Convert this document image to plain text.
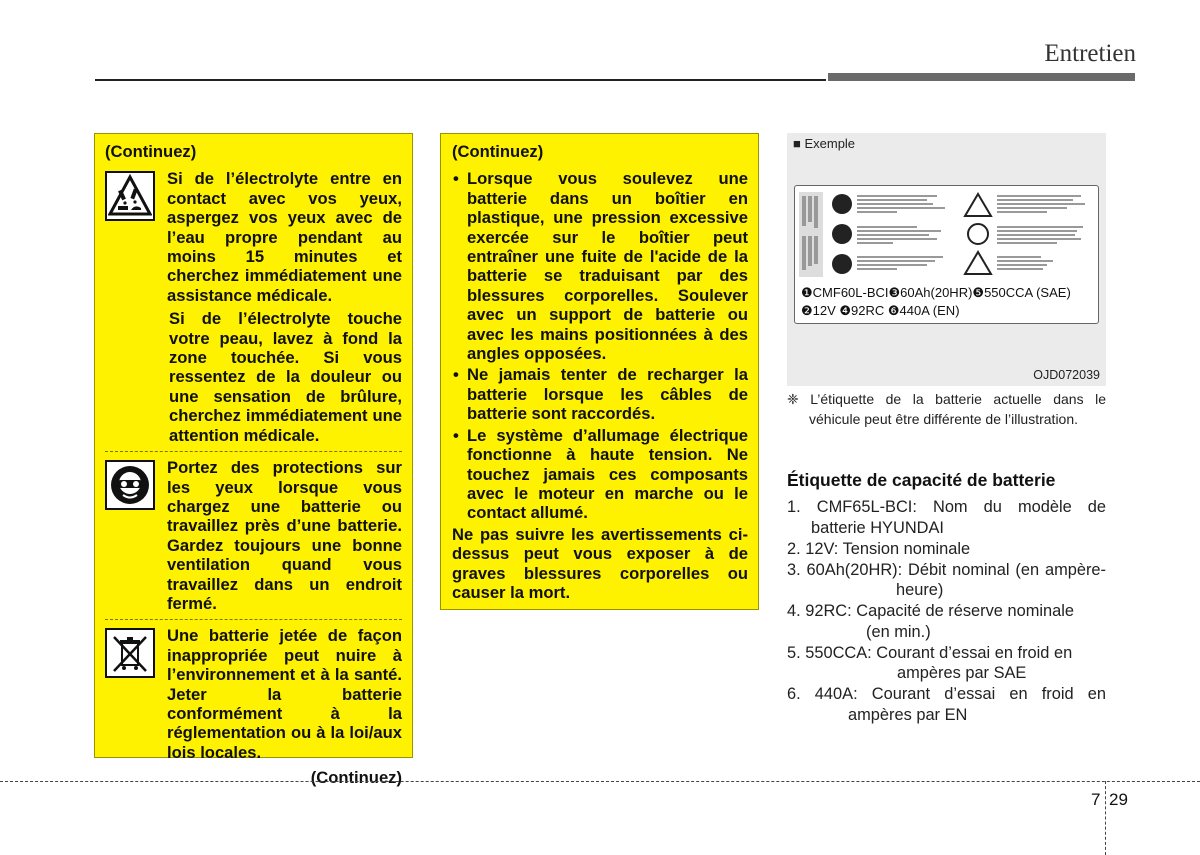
Entretien
(Continuez)
Si de l’électrolyte entre en contact avec vos yeux, aspergez vos yeux avec de l’eau propre pendant au moins 15 minutes et cherchez immédiatement une assistance médicale.
Si de l’électrolyte touche votre peau, lavez à fond la zone touchée. Si vous ressentez de la douleur ou une sensation de brûlure, cherchez immédiatement une attention médicale.
Portez des protections sur les yeux lorsque vous chargez une batterie ou travaillez près d’une batterie. Gardez toujours une bonne ventilation quand vous travaillez dans un endroit fermé.
Une batterie jetée de façon inappropriée peut nuire à l’environnement et à la santé. Jeter la batterie conformément à la réglementation ou à la loi/aux lois locales.
(Continuez)
(Continuez)
• Lorsque vous soulevez une batterie dans un boîtier en plastique, une pression excessive exercée sur le boîtier peut entraîner une fuite de l'acide de la batterie se traduisant par des blessures corporelles. Soulever avec un support de batterie ou avec les mains positionnées à des angles opposées.
• Ne jamais tenter de recharger la batterie lorsque les câbles de batterie sont raccordés.
• Le système d’allumage électrique fonctionne à haute tension. Ne touchez jamais ces composants avec le moteur en marche ou le contact allumé.
Ne pas suivre les avertissements ci-dessus peut vous exposer à de graves blessures corporelles ou causer la mort.
■ Exemple
❶CMF60L-BCI❸60Ah(20HR)❺550CCA (SAE)
❷12V ❹92RC ❻440A (EN)
OJD072039

❈ L’étiquette de la batterie actuelle dans le véhicule peut être différente de l’illustration.

Étiquette de capacité de batterie
1. CMF65L-BCI: Nom du modèle de batterie HYUNDAI
2. 12V: Tension nominale
3. 60Ah(20HR): Débit nominal (en ampère-heure)
4. 92RC: Capacité de réserve nominale
(en min.)
5. 550CCA: Courant d’essai en froid en
ampères par SAE
6. 440A: Courant d’essai en froid en ampères par EN
7 29
